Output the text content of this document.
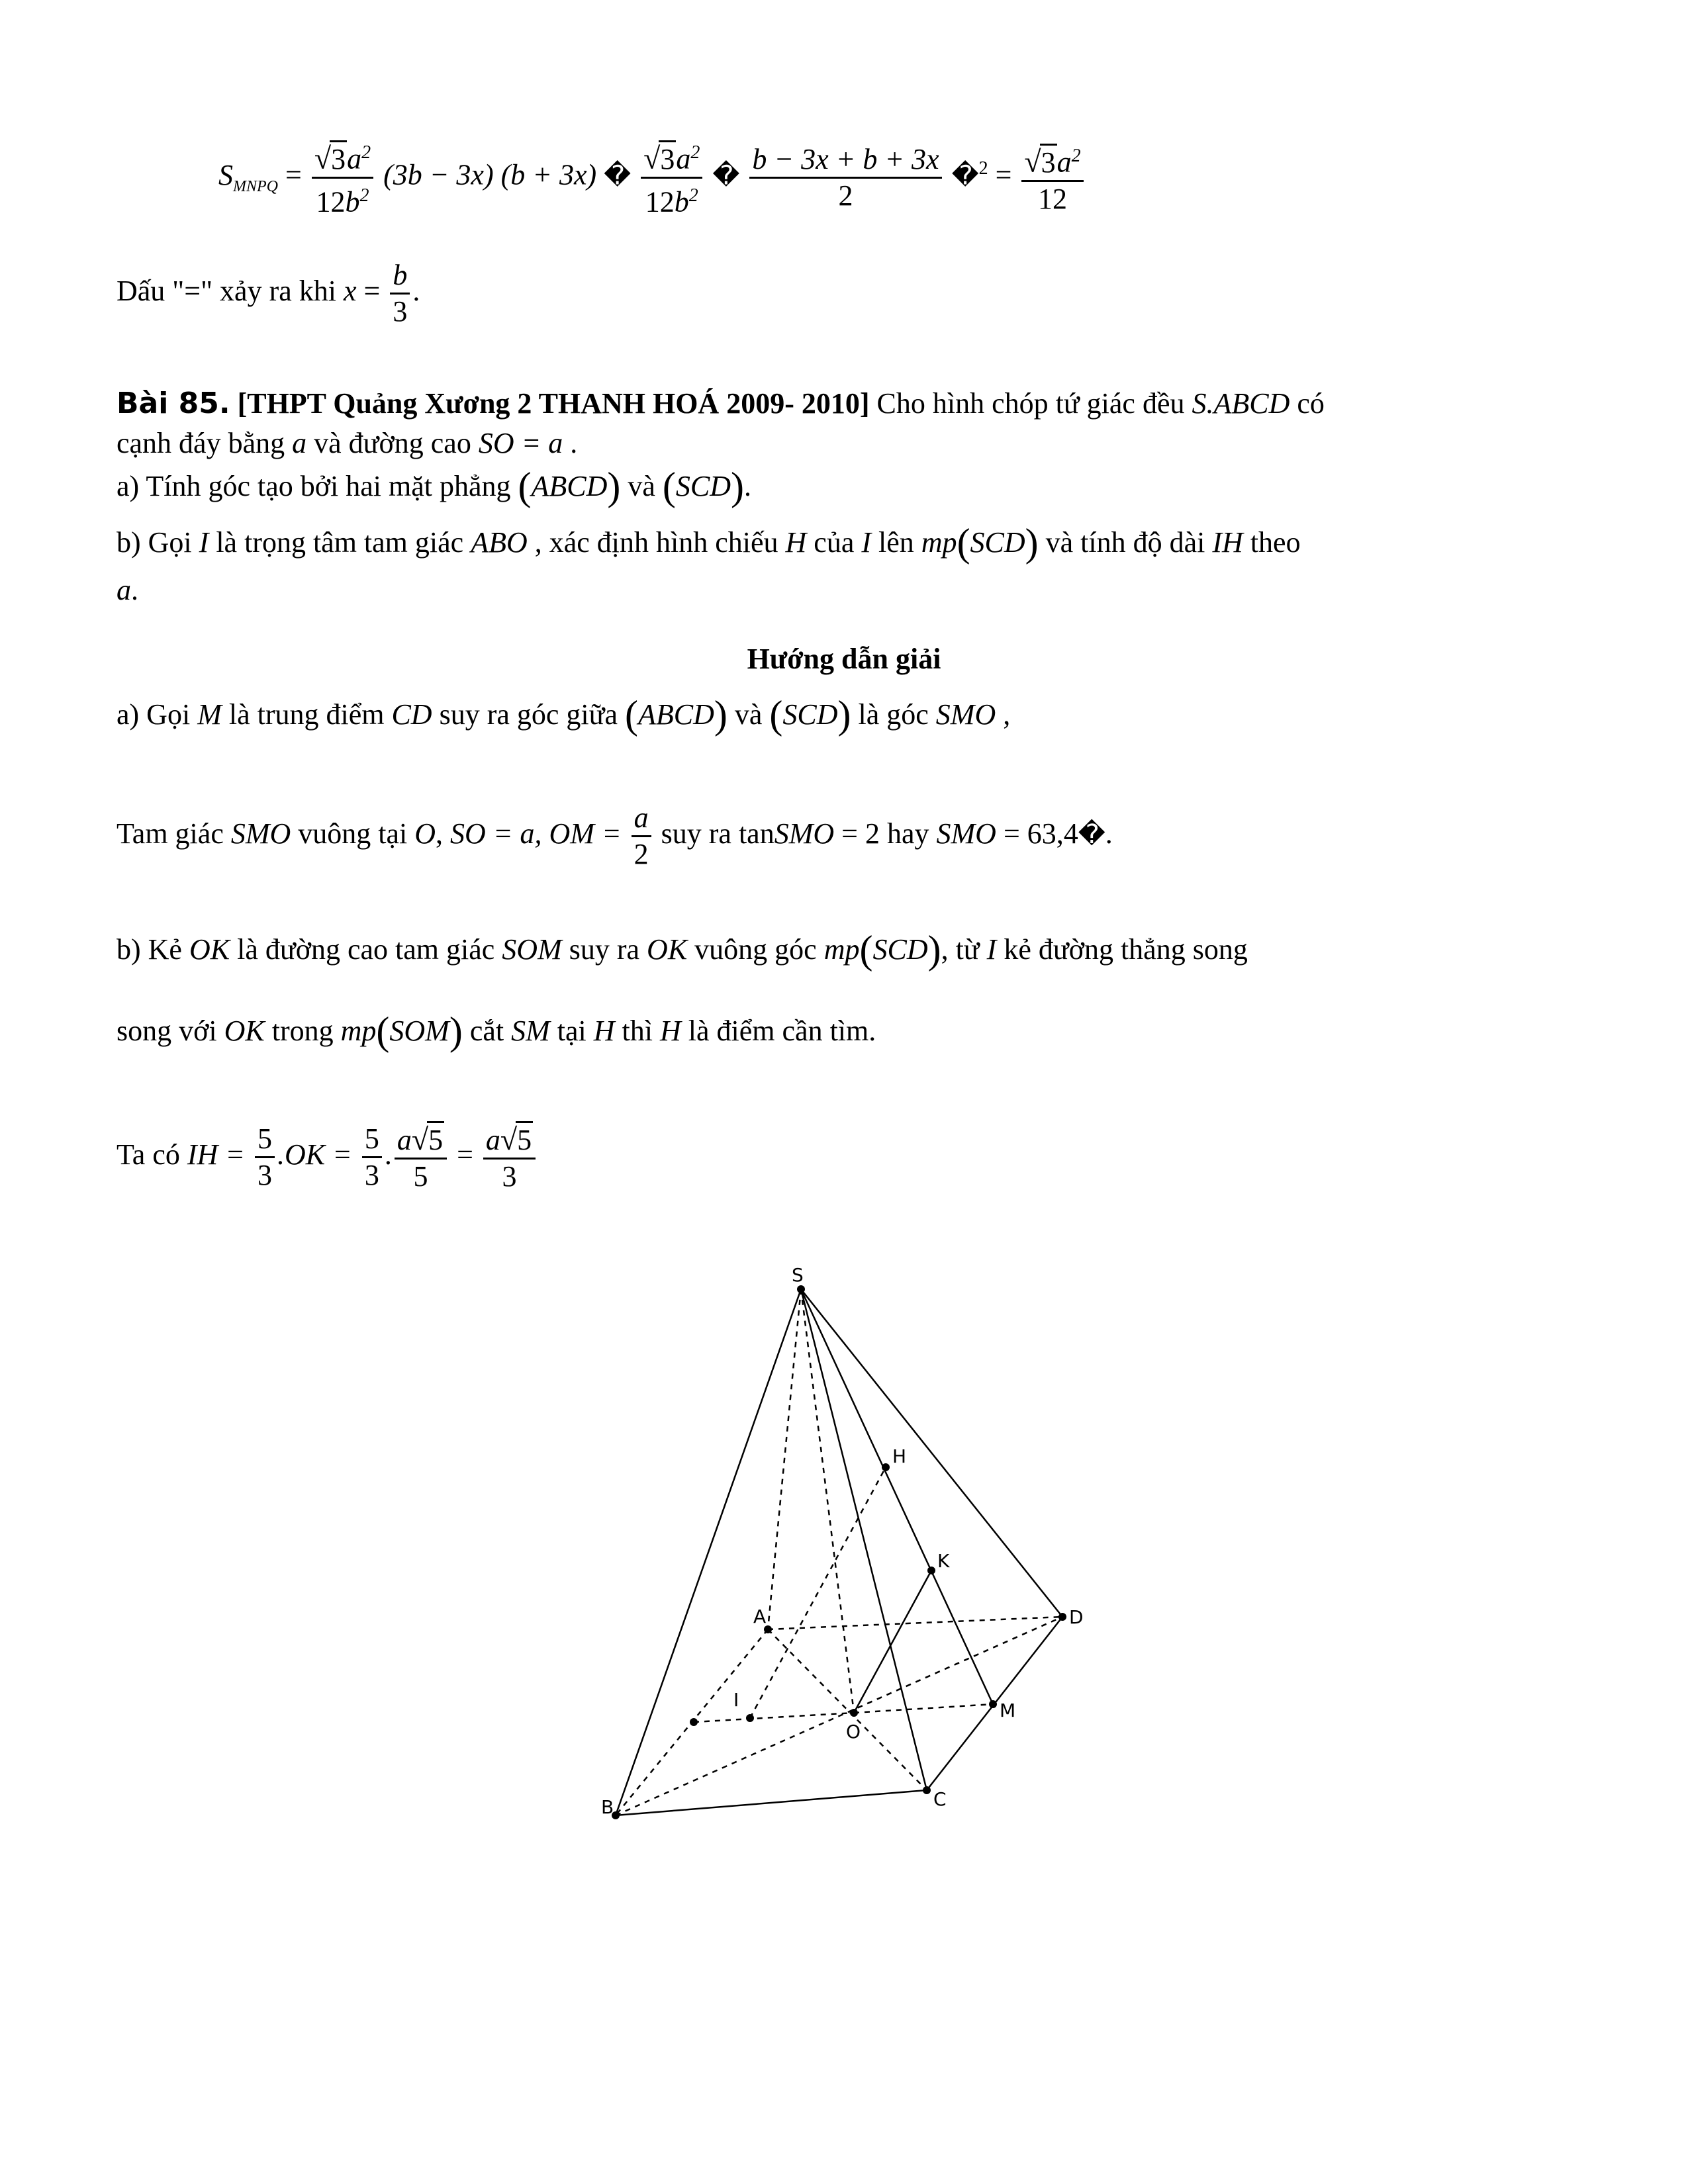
$S_{MNPQ} = \frac{√3a^2}{12b^2} (3b - 3x) (b + 3x)$ � $\frac{√3a^2}{12b^2}$ � $\frac{b - 3x + b + 3x}{2}$ �$^2$ = $\frac{√3a^2}{12}$
Dấu "=" xảy ra khi $x = \frac{b}{3}$ .
Bài 85. [THPT Quảng Xương 2 THANH HOÁ 2009- 2010] Cho hình chóp tứ giác đều S.ABCD có
cạnh đáy bằng a và đường cao SO = a .
a) Tính góc tạo bởi hai mặt phẳng (ABCD) và (SCD).
b) Gọi I là trọng tâm tam giác ABO , xác định hình chiếu H của I lên mp(SCD) và tính độ dài IH theo
a.
Hướng dẫn giải
a) Gọi M là trung điểm CD suy ra góc giữa (ABCD) và (SCD) là góc SMO ,
Tam giác SMO vuông tại O, SO = a, OM = $\frac{a}{2}$ suy ra tanSMO = 2 hay SMO = 63,4�.
b) Kẻ OK là đường cao tam giác SOM suy ra OK vuông góc mp(SCD), từ I kẻ đường thẳng song
song với OK trong mp(SOM) cắt SM tại H thì H là điểm cần tìm.
Ta có IH = $\frac{5}{3} .OK = \frac{5}{3}$ . $\frac{a√5}{5} = \frac{a√5}{3}$
S
A
B	C
D
O
M
H
K
I
